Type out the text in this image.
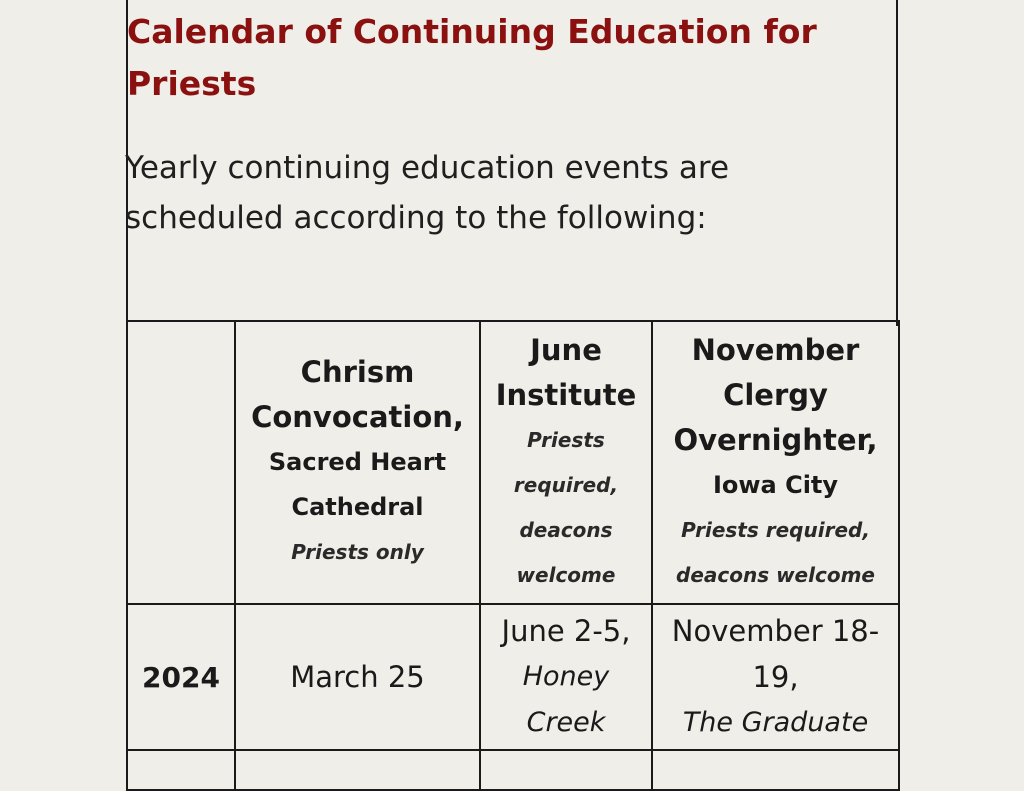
Calendar of Continuing Education for Priests

Yearly continuing education events are scheduled according to the following:

	Chrism Convocation,
Sacred Heart Cathedral
Priests only	June Institute
Priests required, deacons welcome	November Clergy Overnighter,
Iowa City
Priests required, deacons welcome

2024	March 25	June 2-5,
Honey Creek	November 18-19,
The Graduate
